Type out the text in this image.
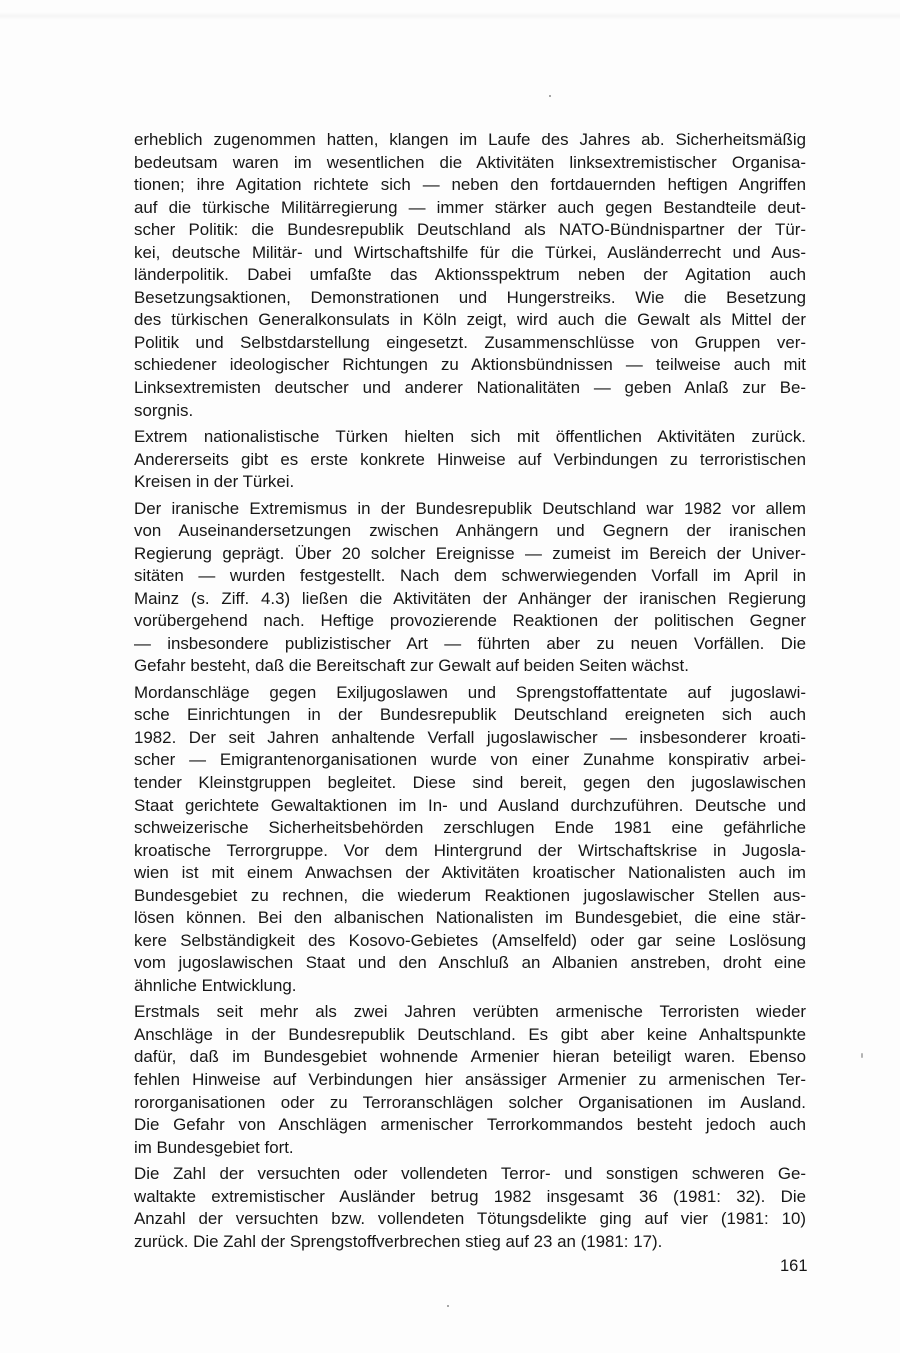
erheblich zugenommen hatten, klangen im Laufe des Jahres ab. Sicherheitsmäßig
bedeutsam waren im wesentlichen die Aktivitäten linksextremistischer Organisa-
tionen; ihre Agitation richtete sich — neben den fortdauernden heftigen Angriffen
auf die türkische Militärregierung — immer stärker auch gegen Bestandteile deut-
scher Politik: die Bundesrepublik Deutschland als NATO-Bündnispartner der Tür-
kei, deutsche Militär- und Wirtschaftshilfe für die Türkei, Ausländerrecht und Aus-
länderpolitik. Dabei umfaßte das Aktionsspektrum neben der Agitation auch
Besetzungsaktionen, Demonstrationen und Hungerstreiks. Wie die Besetzung
des türkischen Generalkonsulats in Köln zeigt, wird auch die Gewalt als Mittel der
Politik und Selbstdarstellung eingesetzt. Zusammenschlüsse von Gruppen ver-
schiedener ideologischer Richtungen zu Aktionsbündnissen — teilweise auch mit
Linksextremisten deutscher und anderer Nationalitäten — geben Anlaß zur Be-
sorgnis.

Extrem nationalistische Türken hielten sich mit öffentlichen Aktivitäten zurück.
Andererseits gibt es erste konkrete Hinweise auf Verbindungen zu terroristischen
Kreisen in der Türkei.

Der iranische Extremismus in der Bundesrepublik Deutschland war 1982 vor allem
von Auseinandersetzungen zwischen Anhängern und Gegnern der iranischen
Regierung geprägt. Über 20 solcher Ereignisse — zumeist im Bereich der Univer-
sitäten — wurden festgestellt. Nach dem schwerwiegenden Vorfall im April in
Mainz (s. Ziff. 4.3) ließen die Aktivitäten der Anhänger der iranischen Regierung
vorübergehend nach. Heftige provozierende Reaktionen der politischen Gegner
— insbesondere publizistischer Art — führten aber zu neuen Vorfällen. Die
Gefahr besteht, daß die Bereitschaft zur Gewalt auf beiden Seiten wächst.

Mordanschläge gegen Exiljugoslawen und Sprengstoffattentate auf jugoslawi-
sche Einrichtungen in der Bundesrepublik Deutschland ereigneten sich auch
1982. Der seit Jahren anhaltende Verfall jugoslawischer — insbesonderer kroati-
scher — Emigrantenorganisationen wurde von einer Zunahme konspirativ arbei-
tender Kleinstgruppen begleitet. Diese sind bereit, gegen den jugoslawischen
Staat gerichtete Gewaltaktionen im In- und Ausland durchzuführen. Deutsche und
schweizerische Sicherheitsbehörden zerschlugen Ende 1981 eine gefährliche
kroatische Terrorgruppe. Vor dem Hintergrund der Wirtschaftskrise in Jugosla-
wien ist mit einem Anwachsen der Aktivitäten kroatischer Nationalisten auch im
Bundesgebiet zu rechnen, die wiederum Reaktionen jugoslawischer Stellen aus-
lösen können. Bei den albanischen Nationalisten im Bundesgebiet, die eine stär-
kere Selbständigkeit des Kosovo-Gebietes (Amselfeld) oder gar seine Loslösung
vom jugoslawischen Staat und den Anschluß an Albanien anstreben, droht eine
ähnliche Entwicklung.

Erstmals seit mehr als zwei Jahren verübten armenische Terroristen wieder
Anschläge in der Bundesrepublik Deutschland. Es gibt aber keine Anhaltspunkte
dafür, daß im Bundesgebiet wohnende Armenier hieran beteiligt waren. Ebenso
fehlen Hinweise auf Verbindungen hier ansässiger Armenier zu armenischen Ter-
rororganisationen oder zu Terroranschlägen solcher Organisationen im Ausland.
Die Gefahr von Anschlägen armenischer Terrorkommandos besteht jedoch auch
im Bundesgebiet fort.

Die Zahl der versuchten oder vollendeten Terror- und sonstigen schweren Ge-
waltakte extremistischer Ausländer betrug 1982 insgesamt 36 (1981: 32). Die
Anzahl der versuchten bzw. vollendeten Tötungsdelikte ging auf vier (1981: 10)
zurück. Die Zahl der Sprengstoffverbrechen stieg auf 23 an (1981: 17).

161
